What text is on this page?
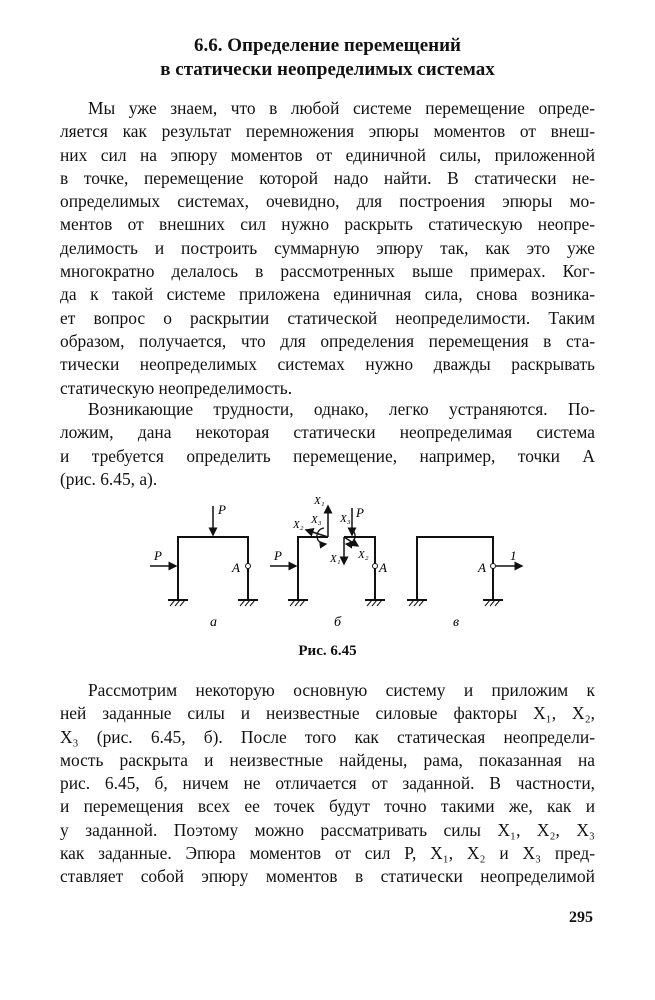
6.6. Определение перемещений
в статически неопределимых системах
Мы уже знаем, что в любой системе перемещение опреде-
ляется как результат перемножения эпюры моментов от внеш-
них сил на эпюру моментов от единичной силы, приложенной
в точке, перемещение которой надо найти. В статически не-
определимых системах, очевидно, для построения эпюры мо-
ментов от внешних сил нужно раскрыть статическую неопре-
делимость и построить суммарную эпюру так, как это уже
многократно делалось в рассмотренных выше примерах. Ког-
да к такой системе приложена единичная сила, снова возника-
ет вопрос о раскрытии статической неопределимости. Таким
образом, получается, что для определения перемещения в ста-
тически неопределимых системах нужно дважды раскрывать
статическую неопределимость.
Возникающие трудности, однако, легко устраняются. По-
ложим, дана некоторая статически неопределимая система
и требуется определить перемещение, например, точки A
(рис. 6.45, а).
P
P
A
а
P
P
X₁
X₂ X₃ X₃
X₂
X₁
A
б
A
1
в
Рис. 6.45
Рассмотрим некоторую основную систему и приложим к
ней заданные силы и неизвестные силовые факторы X₁, X₂,
X₃ (рис. 6.45, б). После того как статическая неопредели-
мость раскрыта и неизвестные найдены, рама, показанная на
рис. 6.45, б, ничем не отличается от заданной. В частности,
и перемещения всех ее точек будут точно такими же, как и
у заданной. Поэтому можно рассматривать силы X₁, X₂, X₃
как заданные. Эпюра моментов от сил P, X₁, X₂ и X₃ пред-
ставляет собой эпюру моментов в статически неопределимой
295
